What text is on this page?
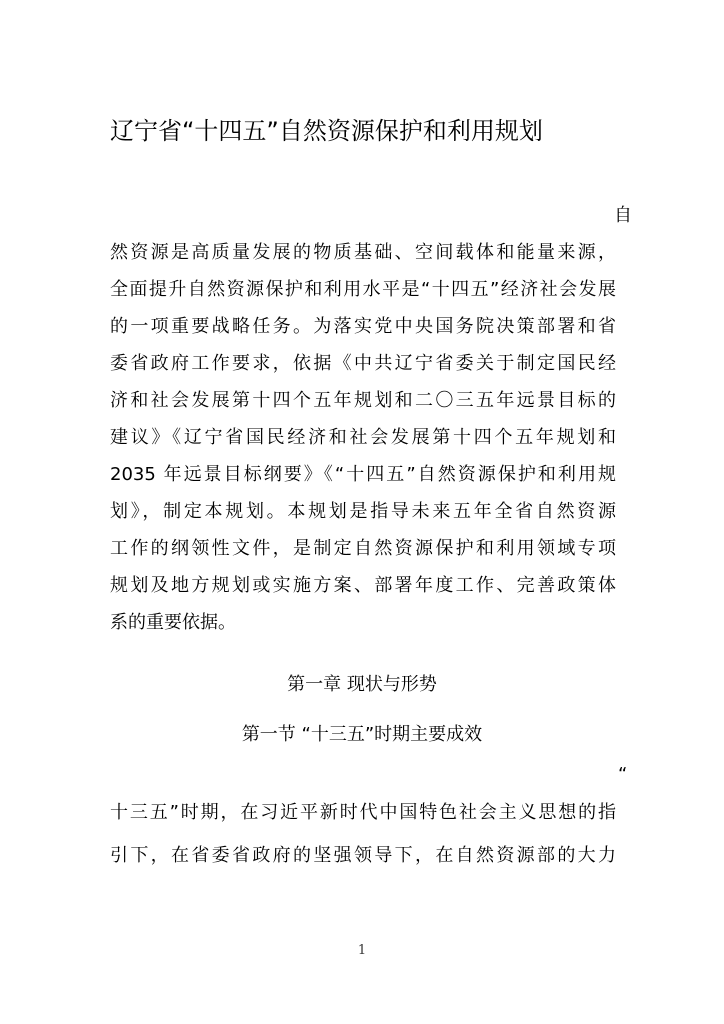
辽宁省“十四五”自然资源保护和利用规划
自
然资源是高质量发展的物质基础、空间载体和能量来源，
全面提升自然资源保护和利用水平是“十四五”经济社会发展
的一项重要战略任务。为落实党中央国务院决策部署和省
委省政府工作要求，依据《中共辽宁省委关于制定国民经
济和社会发展第十四个五年规划和二〇三五年远景目标的
建议》《辽宁省国民经济和社会发展第十四个五年规划和
2035 年远景目标纲要》《“十四五”自然资源保护和利用规
划》，制定本规划。本规划是指导未来五年全省自然资源
工作的纲领性文件，是制定自然资源保护和利用领域专项
规划及地方规划或实施方案、部署年度工作、完善政策体
系的重要依据。
第一章 现状与形势
第一节 “十三五”时期主要成效
“
十三五”时期，在习近平新时代中国特色社会主义思想的指
引下，在省委省政府的坚强领导下，在自然资源部的大力
1
